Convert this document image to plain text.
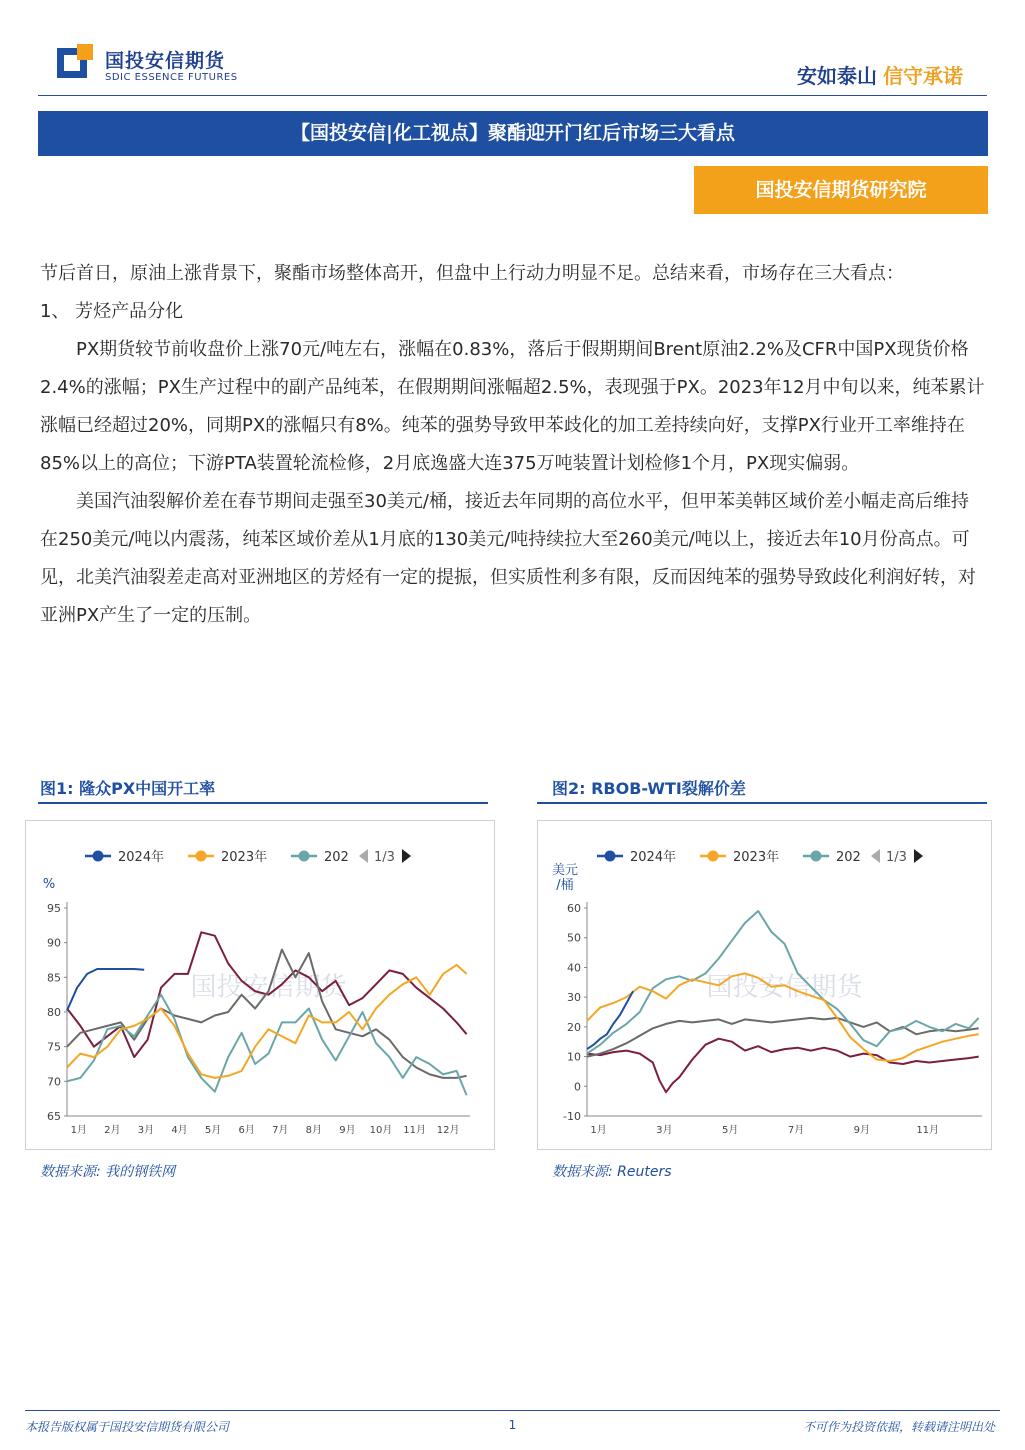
国投安信期货
SDIC ESSENCE FUTURES	安如泰山 信守承诺
【国投安信|化工视点】聚酯迎开门红后市场三大看点
国投安信期货研究院

节后首日，原油上涨背景下，聚酯市场整体高开，但盘中上行动力明显不足。总结来看，市场存在三大看点：

1、 芳烃产品分化

PX期货较节前收盘价上涨70元/吨左右，涨幅在0.83%，落后于假期期间Brent原油2.2%及CFR中国PX现货价格2.4%的涨幅；PX生产过程中的副产品纯苯，在假期期间涨幅超2.5%，表现强于PX。2023年12月中旬以来，纯苯累计涨幅已经超过20%，同期PX的涨幅只有8%。纯苯的强势导致甲苯歧化的加工差持续向好，支撑PX行业开工率维持在85%以上的高位；下游PTA装置轮流检修，2月底逸盛大连375万吨装置计划检修1个月，PX现实偏弱。

美国汽油裂解价差在春节期间走强至30美元/桶，接近去年同期的高位水平，但甲苯美韩区域价差小幅走高后维持在250美元/吨以内震荡，纯苯区域价差从1月底的130美元/吨持续拉大至260美元/吨以上，接近去年10月份高点。可见，北美汽油裂差走高对亚洲地区的芳烃有一定的提振，但实质性利多有限，反而因纯苯的强势导致歧化利润好转，对亚洲PX产生了一定的压制。

图1: 隆众PX中国开工率
国投安信期货
65
70
75
80
85
90
95
%
1月 2月 3月 4月 5月 6月 7月 8月 9月 10月 11月 12月
2024年	2023年	202 1/3
数据来源: 我的钢铁网
图2: RBOB-WTI裂解价差
国投安信期货
-10
0
10
20
30
40
50
60
美元
/桶
1月	3月	5月	7月	9月	11月
2024年	2023年	202 1/3
数据来源: Reuters
本报告版权属于国投安信期货有限公司	1	不可作为投资依据，转载请注明出处
